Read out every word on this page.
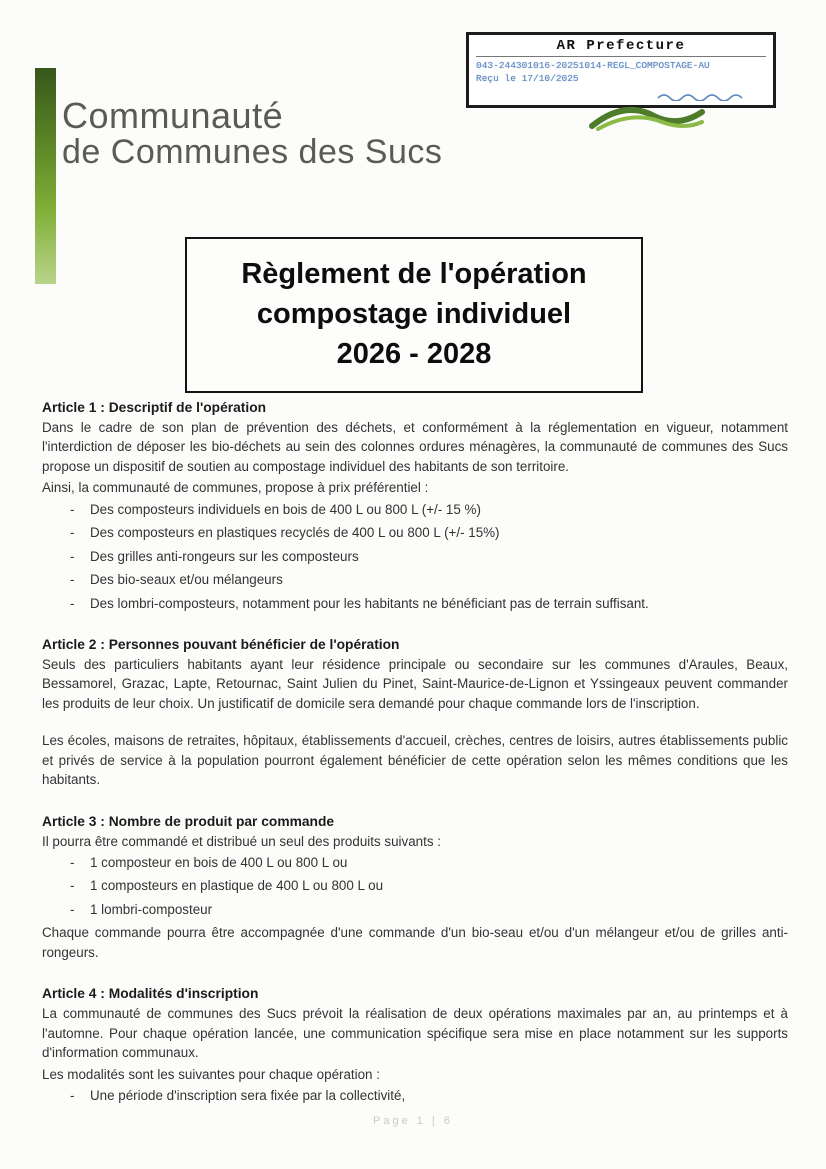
Communauté
de Communes des Sucs
AR Prefecture
043-244301016-20251014-REGL_COMPOSTAGE-AU
Reçu le 17/10/2025
Règlement de l'opération
compostage individuel
2026 - 2028
Article 1 : Descriptif de l'opération

Dans le cadre de son plan de prévention des déchets, et conformément à la réglementation en vigueur, notamment l'interdiction de déposer les bio-déchets au sein des colonnes ordures ménagères, la communauté de communes des Sucs propose un dispositif de soutien au compostage individuel des habitants de son territoire.

Ainsi, la communauté de communes, propose à prix préférentiel :

- Des composteurs individuels en bois de 400 L ou 800 L (+/- 15 %)
- Des composteurs en plastiques recyclés de 400 L ou 800 L (+/- 15%)
- Des grilles anti-rongeurs sur les composteurs
- Des bio-seaux et/ou mélangeurs
- Des lombri-composteurs, notamment pour les habitants ne bénéficiant pas de terrain suffisant.
Article 2 : Personnes pouvant bénéficier de l'opération

Seuls des particuliers habitants ayant leur résidence principale ou secondaire sur les communes d'Araules, Beaux, Bessamorel, Grazac, Lapte, Retournac, Saint Julien du Pinet, Saint-Maurice-de-Lignon et Yssingeaux peuvent commander les produits de leur choix. Un justificatif de domicile sera demandé pour chaque commande lors de l'inscription.

Les écoles, maisons de retraites, hôpitaux, établissements d'accueil, crèches, centres de loisirs, autres établissements public et privés de service à la population pourront également bénéficier de cette opération selon les mêmes conditions que les habitants.

Article 3 : Nombre de produit par commande

Il pourra être commandé et distribué un seul des produits suivants :

- 1 composteur en bois de 400 L ou 800 L ou
- 1 composteurs en plastique de 400 L ou 800 L ou
- 1 lombri-composteur

Chaque commande pourra être accompagnée d'une commande d'un bio-seau et/ou d'un mélangeur et/ou de grilles anti-rongeurs.

Article 4 : Modalités d'inscription

La communauté de communes des Sucs prévoit la réalisation de deux opérations maximales par an, au printemps et à l'automne. Pour chaque opération lancée, une communication spécifique sera mise en place notamment sur les supports d'information communaux.

Les modalités sont les suivantes pour chaque opération :

- Une période d'inscription sera fixée par la collectivité,
Page 1 | 6
